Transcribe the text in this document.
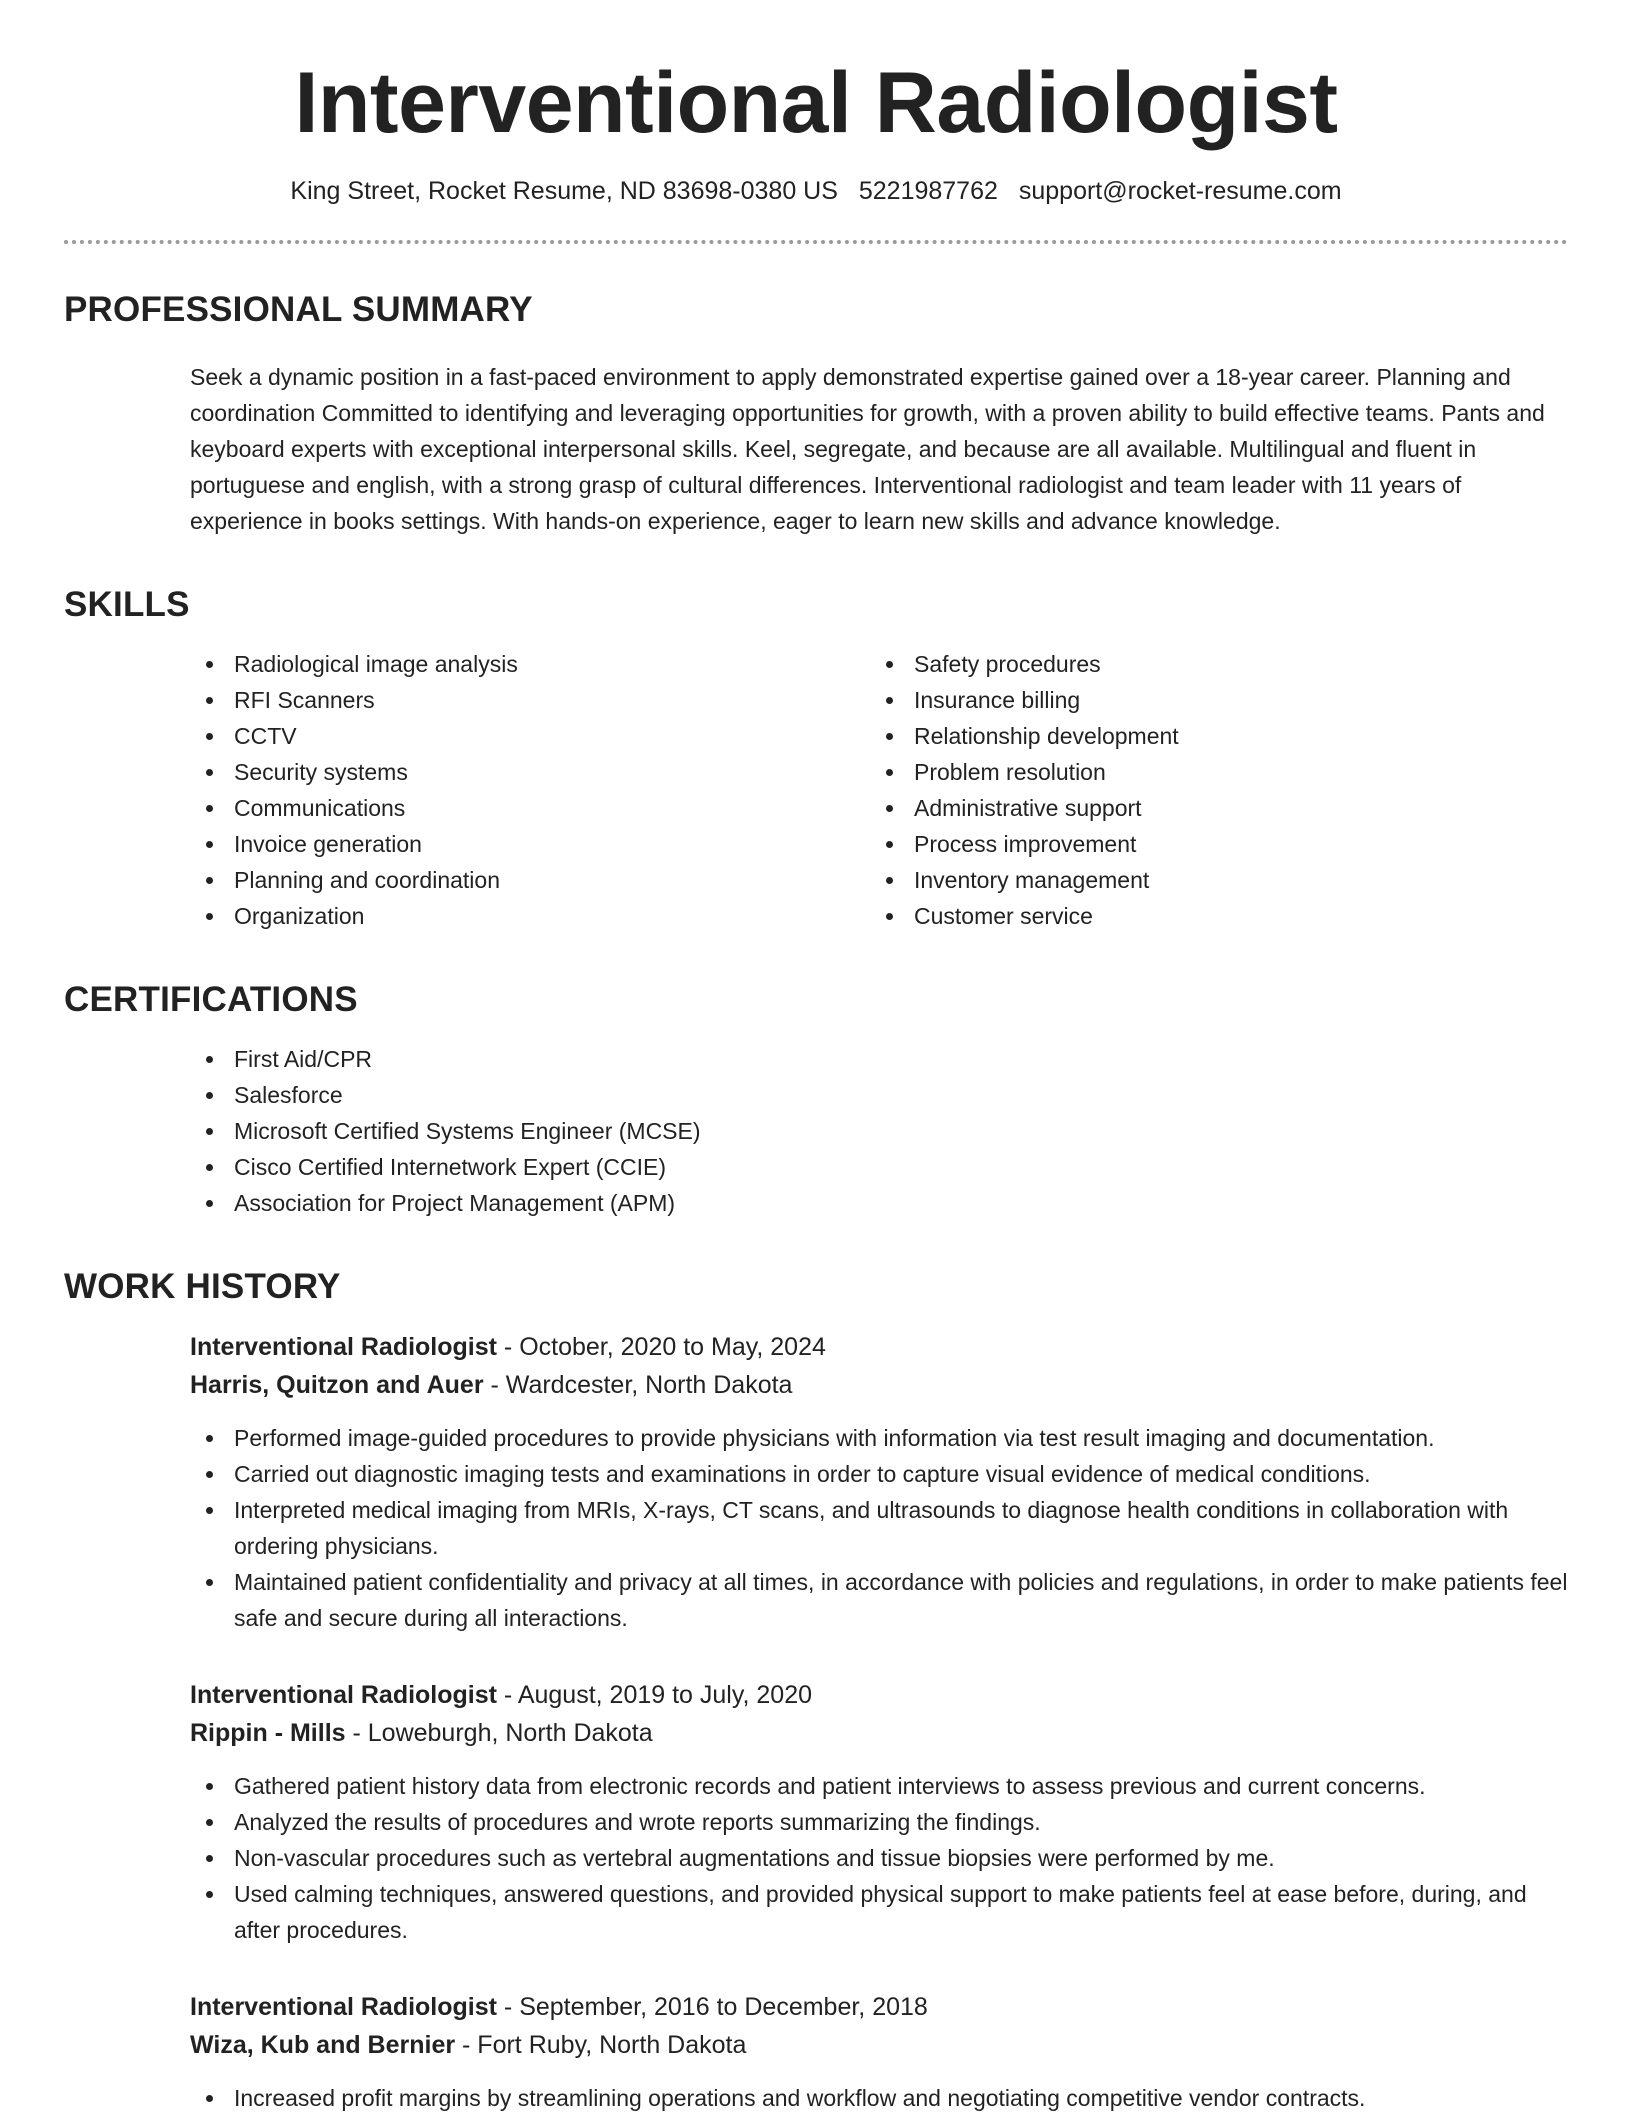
Interventional Radiologist
King Street, Rocket Resume, ND 83698-0380 US 5221987762 support@rocket-resume.com
PROFESSIONAL SUMMARY
Seek a dynamic position in a fast-paced environment to apply demonstrated expertise gained over a 18-year career. Planning and coordination Committed to identifying and leveraging opportunities for growth, with a proven ability to build effective teams. Pants and keyboard experts with exceptional interpersonal skills. Keel, segregate, and because are all available. Multilingual and fluent in portuguese and english, with a strong grasp of cultural differences. Interventional radiologist and team leader with 11 years of experience in books settings. With hands-on experience, eager to learn new skills and advance knowledge.
SKILLS
Radiological image analysis
RFI Scanners
CCTV
Security systems
Communications
Invoice generation
Planning and coordination
Organization
Safety procedures
Insurance billing
Relationship development
Problem resolution
Administrative support
Process improvement
Inventory management
Customer service
CERTIFICATIONS
First Aid/CPR
Salesforce
Microsoft Certified Systems Engineer (MCSE)
Cisco Certified Internetwork Expert (CCIE)
Association for Project Management (APM)
WORK HISTORY
Interventional Radiologist - October, 2020 to May, 2024
Harris, Quitzon and Auer - Wardcester, North Dakota
Performed image-guided procedures to provide physicians with information via test result imaging and documentation.
Carried out diagnostic imaging tests and examinations in order to capture visual evidence of medical conditions.
Interpreted medical imaging from MRIs, X-rays, CT scans, and ultrasounds to diagnose health conditions in collaboration with ordering physicians.
Maintained patient confidentiality and privacy at all times, in accordance with policies and regulations, in order to make patients feel safe and secure during all interactions.
Interventional Radiologist - August, 2019 to July, 2020
Rippin - Mills - Loweburgh, North Dakota
Gathered patient history data from electronic records and patient interviews to assess previous and current concerns.
Analyzed the results of procedures and wrote reports summarizing the findings.
Non-vascular procedures such as vertebral augmentations and tissue biopsies were performed by me.
Used calming techniques, answered questions, and provided physical support to make patients feel at ease before, during, and after procedures.
Interventional Radiologist - September, 2016 to December, 2018
Wiza, Kub and Bernier - Fort Ruby, North Dakota
Increased profit margins by streamlining operations and workflow and negotiating competitive vendor contracts.
